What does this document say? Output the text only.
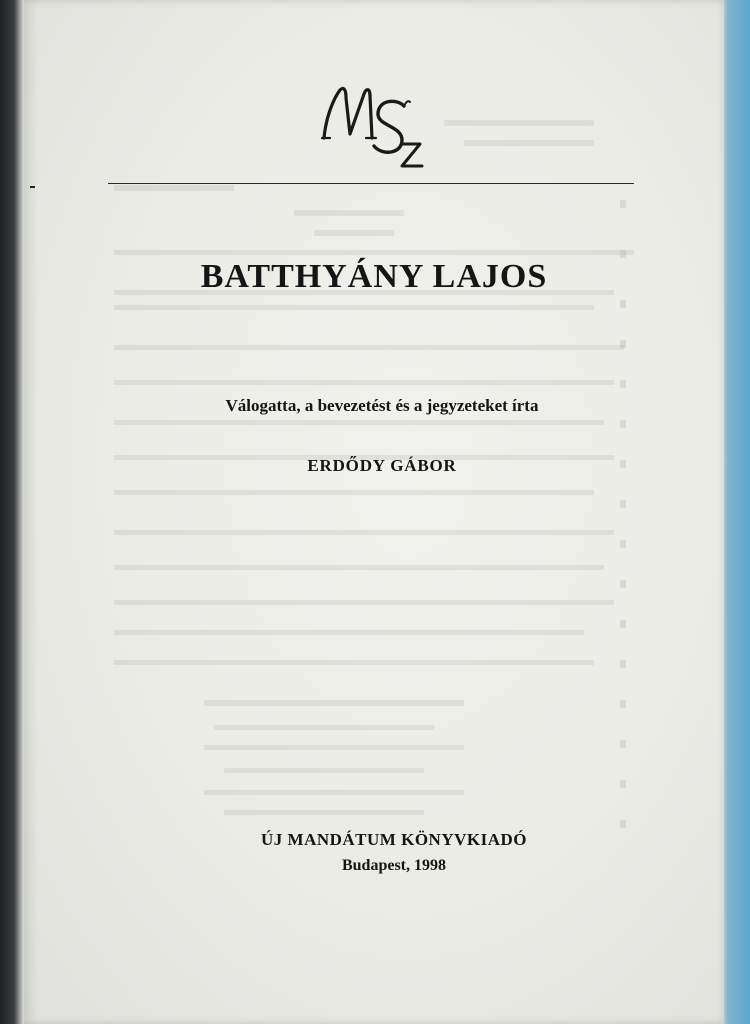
BATTHYÁNY LAJOS
Válogatta, a bevezetést és a jegyzeteket írta
ERDŐDY GÁBOR
ÚJ MANDÁTUM KÖNYVKIADÓ
Budapest, 1998
